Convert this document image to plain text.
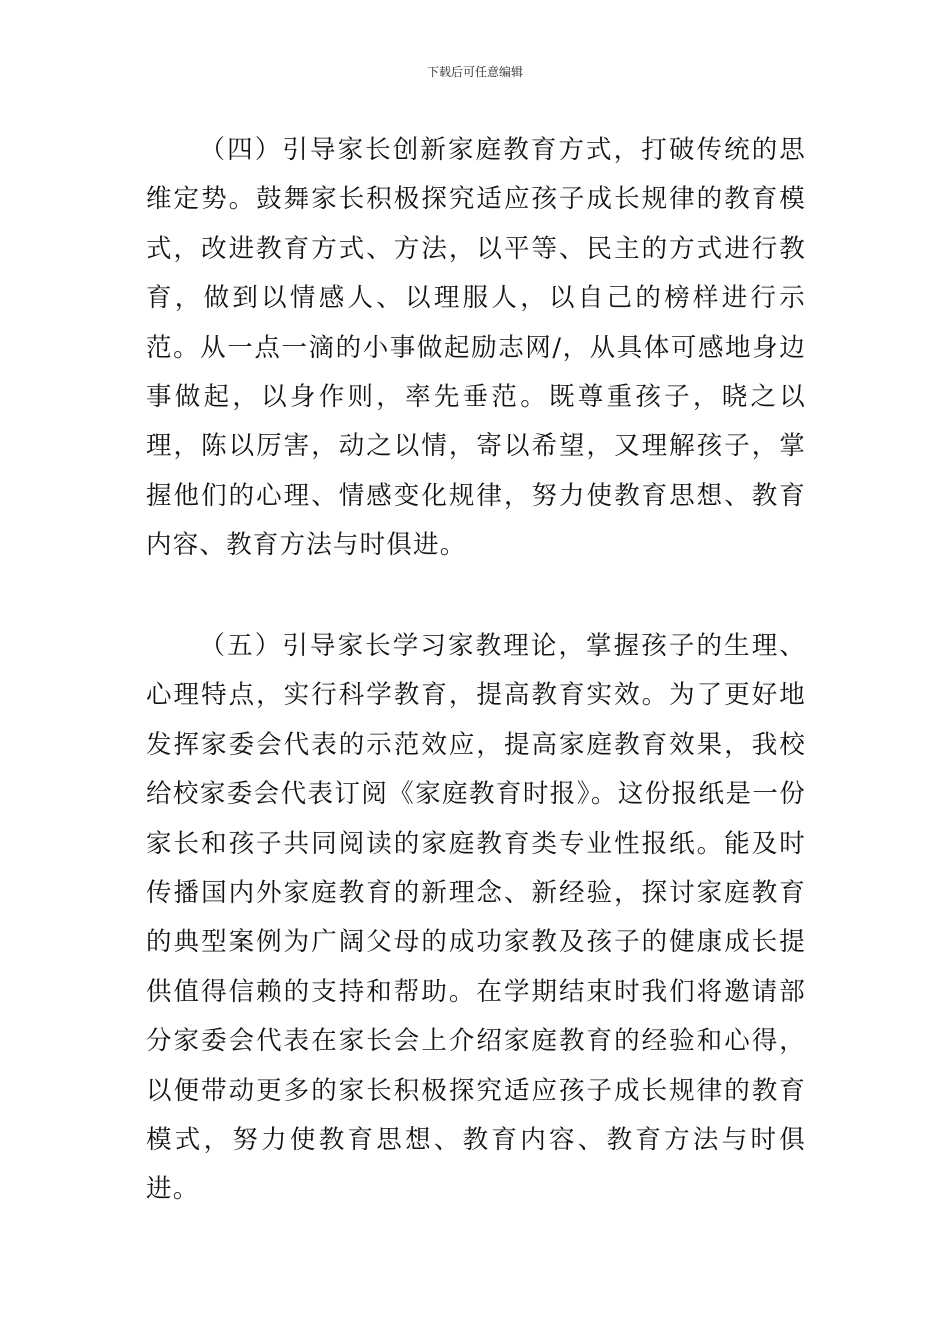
下载后可任意编辑

（四）引导家长创新家庭教育方式，打破传统的思维定势。鼓舞家长积极探究适应孩子成长规律的教育模式，改进教育方式、方法，以平等、民主的方式进行教育，做到以情感人、以理服人，以自己的榜样进行示范。从一点一滴的小事做起励志网/，从具体可感地身边事做起，以身作则，率先垂范。既尊重孩子，晓之以理，陈以厉害，动之以情，寄以希望，又理解孩子，掌握他们的心理、情感变化规律，努力使教育思想、教育内容、教育方法与时俱进。

（五）引导家长学习家教理论，掌握孩子的生理、心理特点，实行科学教育，提高教育实效。为了更好地发挥家委会代表的示范效应，提高家庭教育效果，我校给校家委会代表订阅《家庭教育时报》。这份报纸是一份家长和孩子共同阅读的家庭教育类专业性报纸。能及时传播国内外家庭教育的新理念、新经验，探讨家庭教育的典型案例为广阔父母的成功家教及孩子的健康成长提供值得信赖的支持和帮助。在学期结束时我们将邀请部分家委会代表在家长会上介绍家庭教育的经验和心得，以便带动更多的家长积极探究适应孩子成长规律的教育模式，努力使教育思想、教育内容、教育方法与时俱进。
